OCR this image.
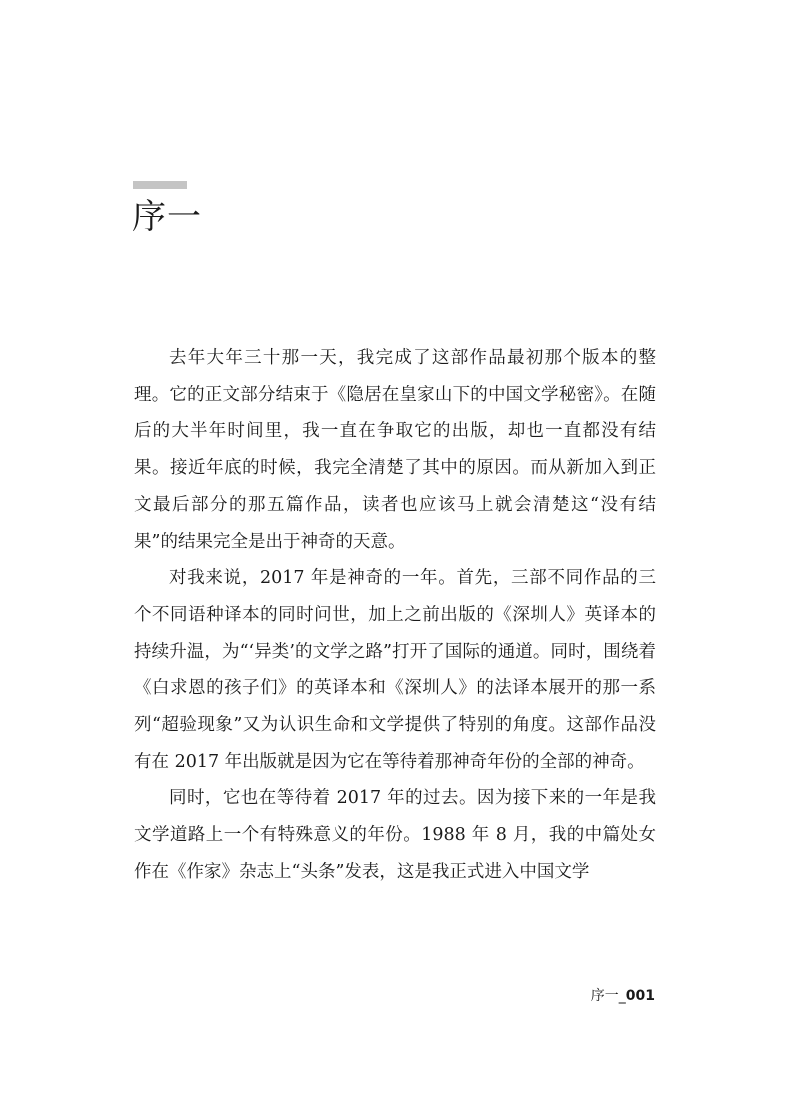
序一

去年大年三十那一天，我完成了这部作品最初那个版本的整理。它的正文部分结束于《隐居在皇家山下的中国文学秘密》。在随后的大半年时间里，我一直在争取它的出版，却也一直都没有结果。接近年底的时候，我完全清楚了其中的原因。而从新加入到正文最后部分的那五篇作品，读者也应该马上就会清楚这“没有结果”的结果完全是出于神奇的天意。

对我来说，2017 年是神奇的一年。首先，三部不同作品的三个不同语种译本的同时问世，加上之前出版的《深圳人》英译本的持续升温，为“‘异类’的文学之路”打开了国际的通道。同时，围绕着《白求恩的孩子们》的英译本和《深圳人》的法译本展开的那一系列“超验现象”又为认识生命和文学提供了特别的角度。这部作品没有在 2017 年出版就是因为它在等待着那神奇年份的全部的神奇。

同时，它也在等待着 2017 年的过去。因为接下来的一年是我文学道路上一个有特殊意义的年份。1988 年 8 月，我的中篇处女作在《作家》杂志上“头条”发表，这是我正式进入中国文学

序一_001
